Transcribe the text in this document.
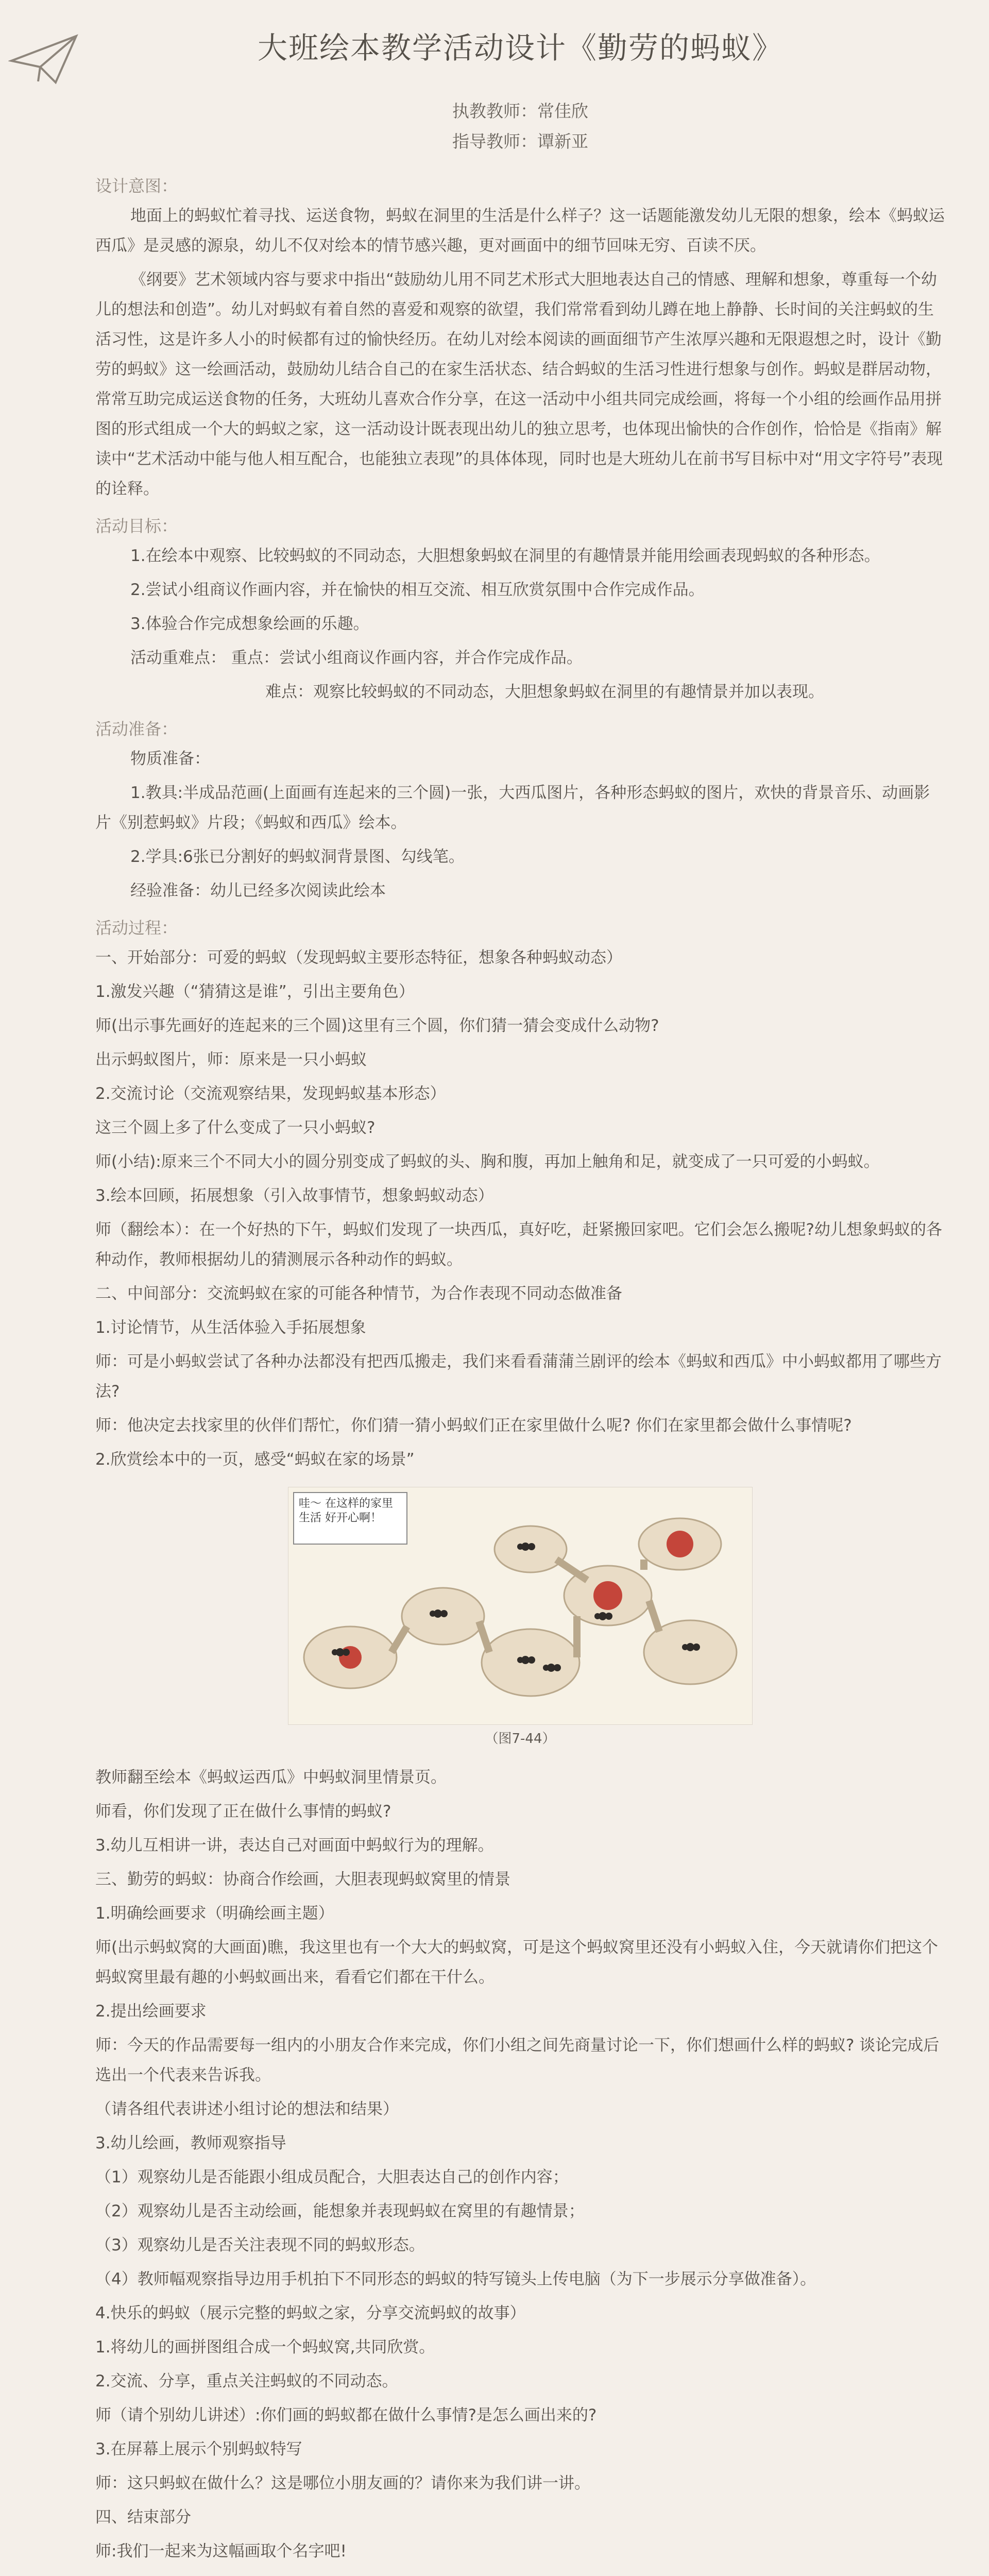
大班绘本教学活动设计《勤劳的蚂蚁》
执教教师：常佳欣
指导教师：谭新亚
设计意图：

地面上的蚂蚁忙着寻找、运送食物，蚂蚁在洞里的生活是什么样子？这一话题能激发幼儿无限的想象，绘本《蚂蚁运西瓜》是灵感的源泉，幼儿不仅对绘本的情节感兴趣，更对画面中的细节回味无穷、百读不厌。

《纲要》艺术领域内容与要求中指出“鼓励幼儿用不同艺术形式大胆地表达自己的情感、理解和想象，尊重每一个幼儿的想法和创造”。幼儿对蚂蚁有着自然的喜爱和观察的欲望，我们常常看到幼儿蹲在地上静静、长时间的关注蚂蚁的生活习性，这是许多人小的时候都有过的愉快经历。在幼儿对绘本阅读的画面细节产生浓厚兴趣和无限遐想之时，设计《勤劳的蚂蚁》这一绘画活动，鼓励幼儿结合自己的在家生活状态、结合蚂蚁的生活习性进行想象与创作。蚂蚁是群居动物，常常互助完成运送食物的任务，大班幼儿喜欢合作分享，在这一活动中小组共同完成绘画，将每一个小组的绘画作品用拼图的形式组成一个大的蚂蚁之家，这一活动设计既表现出幼儿的独立思考，也体现出愉快的合作创作，恰恰是《指南》解读中“艺术活动中能与他人相互配合，也能独立表现”的具体体现，同时也是大班幼儿在前书写目标中对“用文字符号”表现的诠释。

活动目标：

1.在绘本中观察、比较蚂蚁的不同动态，大胆想象蚂蚁在洞里的有趣情景并能用绘画表现蚂蚁的各种形态。

2.尝试小组商议作画内容，并在愉快的相互交流、相互欣赏氛围中合作完成作品。

3.体验合作完成想象绘画的乐趣。

活动重难点： 重点：尝试小组商议作画内容，并合作完成作品。

难点：观察比较蚂蚁的不同动态，大胆想象蚂蚁在洞里的有趣情景并加以表现。

活动准备：

物质准备：

1.教具:半成品范画(上面画有连起来的三个圆)一张，大西瓜图片，各种形态蚂蚁的图片，欢快的背景音乐、动画影片《别惹蚂蚁》片段；《蚂蚁和西瓜》绘本。

2.学具:6张已分割好的蚂蚁洞背景图、勾线笔。

经验准备：幼儿已经多次阅读此绘本

活动过程：

一、开始部分：可爱的蚂蚁（发现蚂蚁主要形态特征，想象各种蚂蚁动态）

1.激发兴趣（“猜猜这是谁”，引出主要角色）

师(出示事先画好的连起来的三个圆)这里有三个圆，你们猜一猜会变成什么动物?

出示蚂蚁图片，师：原来是一只小蚂蚁

2.交流讨论（交流观察结果，发现蚂蚁基本形态）

这三个圆上多了什么变成了一只小蚂蚁?

师(小结):原来三个不同大小的圆分别变成了蚂蚁的头、胸和腹，再加上触角和足，就变成了一只可爱的小蚂蚁。

3.绘本回顾，拓展想象（引入故事情节，想象蚂蚁动态）

师（翻绘本）：在一个好热的下午，蚂蚁们发现了一块西瓜，真好吃，赶紧搬回家吧。它们会怎么搬呢?幼儿想象蚂蚁的各种动作，教师根据幼儿的猜测展示各种动作的蚂蚁。

二、中间部分：交流蚂蚁在家的可能各种情节，为合作表现不同动态做准备

1.讨论情节，从生活体验入手拓展想象

师：可是小蚂蚁尝试了各种办法都没有把西瓜搬走，我们来看看蒲蒲兰剧评的绘本《蚂蚁和西瓜》中小蚂蚁都用了哪些方法?

师：他决定去找家里的伙伴们帮忙，你们猜一猜小蚂蚁们正在家里做什么呢? 你们在家里都会做什么事情呢?

2.欣赏绘本中的一页，感受“蚂蚁在家的场景”

哇～ 在这样的家里生活 好开心啊！
（图7-44）

教师翻至绘本《蚂蚁运西瓜》中蚂蚁洞里情景页。

师看，你们发现了正在做什么事情的蚂蚁?

3.幼儿互相讲一讲，表达自己对画面中蚂蚁行为的理解。

三、勤劳的蚂蚁：协商合作绘画，大胆表现蚂蚁窝里的情景

1.明确绘画要求（明确绘画主题）

师(出示蚂蚁窝的大画面)瞧，我这里也有一个大大的蚂蚁窝，可是这个蚂蚁窝里还没有小蚂蚁入住，今天就请你们把这个蚂蚁窝里最有趣的小蚂蚁画出来，看看它们都在干什么。

2.提出绘画要求

师：今天的作品需要每一组内的小朋友合作来完成，你们小组之间先商量讨论一下，你们想画什么样的蚂蚁? 谈论完成后选出一个代表来告诉我。

（请各组代表讲述小组讨论的想法和结果）

3.幼儿绘画，教师观察指导

（1）观察幼儿是否能跟小组成员配合，大胆表达自己的创作内容；

（2）观察幼儿是否主动绘画，能想象并表现蚂蚁在窝里的有趣情景；

（3）观察幼儿是否关注表现不同的蚂蚁形态。

（4）教师幅观察指导边用手机拍下不同形态的蚂蚁的特写镜头上传电脑（为下一步展示分享做准备）。

4.快乐的蚂蚁（展示完整的蚂蚁之家，分享交流蚂蚁的故事）

1.将幼儿的画拼图组合成一个蚂蚁窝,共同欣赏。

2.交流、分享，重点关注蚂蚁的不同动态。

师（请个别幼儿讲述）:你们画的蚂蚁都在做什么事情?是怎么画出来的?

3.在屏幕上展示个别蚂蚁特写

师：这只蚂蚁在做什么？这是哪位小朋友画的？请你来为我们讲一讲。

四、结束部分

师:我们一起来为这幅画取个名字吧!
